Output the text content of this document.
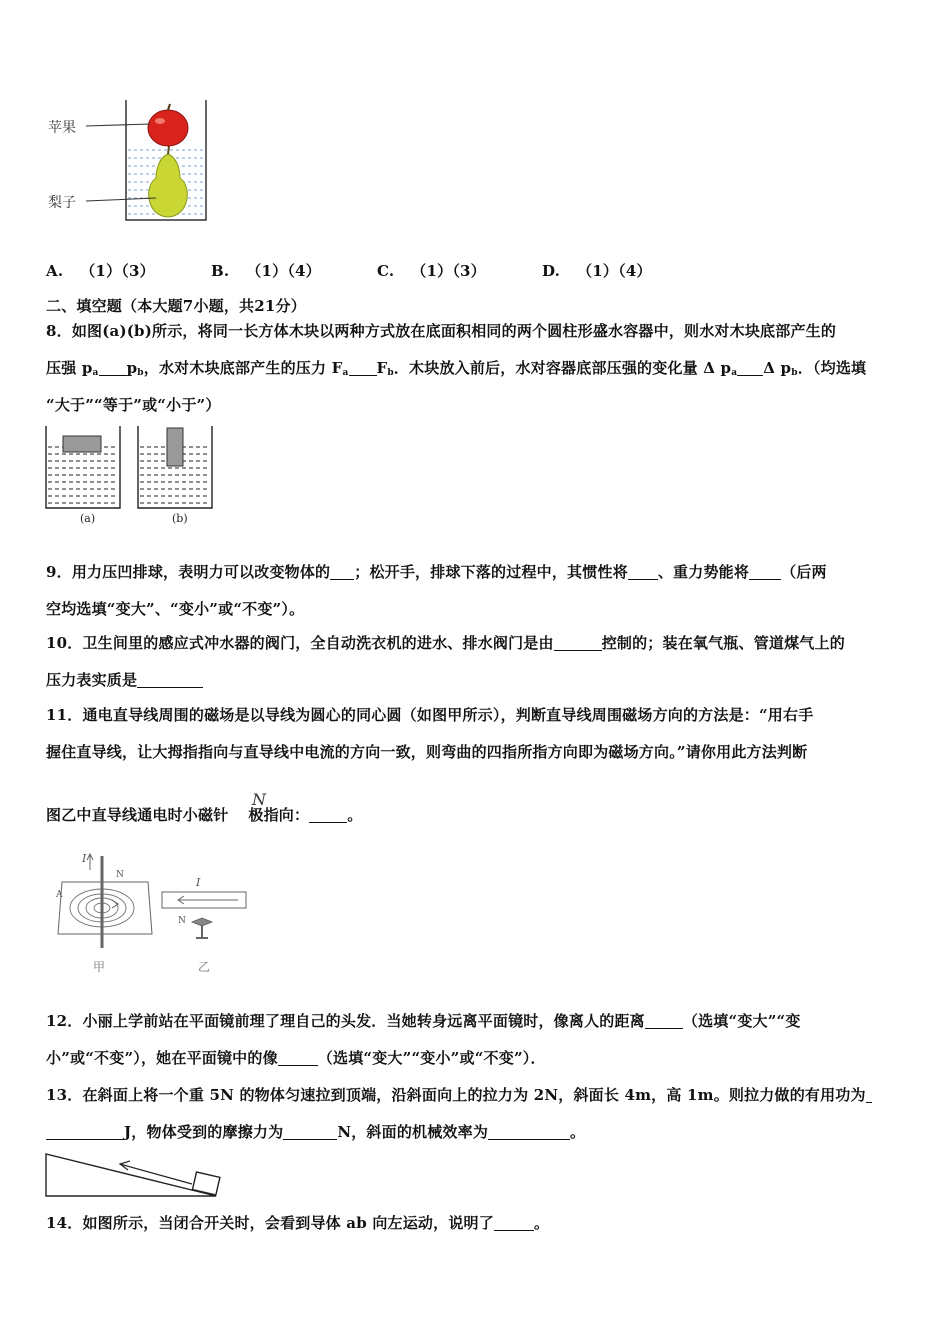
苹果
梨子
A. （1）（3）	B. （1）（4）	C. （1）（3）	D. （1）（4）
二、填空题（本大题7小题，共21分）
8．如图(a)(b)所示，将同一长方体木块以两种方式放在底面积相同的两个圆柱形盛水容器中，则水对木块底部产生的
压强 $p_a$ $p_b$，水对木块底部产生的压力 $F_a$ $F_b$．木块放入前后，水对容器底部压强的变化量 Δ $p_a$ Δ $p_b$．（均选填
“大于”“等于”或“小于”）
(a)	(b)
9．用力压凹排球，表明力可以改变物体的 ；松开手，排球下落的过程中，其惯性将 、重力势能将 （后两
空均选填“变大”、“变小”或“不变”）。
10．卫生间里的感应式冲水器的阀门，全自动洗衣机的进水、排水阀门是由	控制的；装在氧气瓶、管道煤气上的
压力表实质是
11．通电直导线周围的磁场是以导线为圆心的同心圆（如图甲所示），判断直导线周围磁场方向的方法是：“用右手
握住直导线，让大拇指指向与直导线中电流的方向一致，则弯曲的四指所指方向即为磁场方向。”请你用此方法判断
N
图乙中直导线通电时小磁针 极指向：	。
I
N
A
甲
I
N
乙
12．小丽上学前站在平面镜前理了理自己的头发．当她转身远离平面镜时，像离人的距离	（选填“变大”“变
小”或“不变”），她在平面镜中的像	（选填“变大”“变小”或“不变”）．
13．在斜面上将一个重 5N 的物体匀速拉到顶端，沿斜面向上的拉力为 2N，斜面长 4m，高 1m。则拉力做的有用功为
J，物体受到的摩擦力为	N，斜面的机械效率为	。
14．如图所示，当闭合开关时，会看到导体 ab 向左运动，说明了	。
